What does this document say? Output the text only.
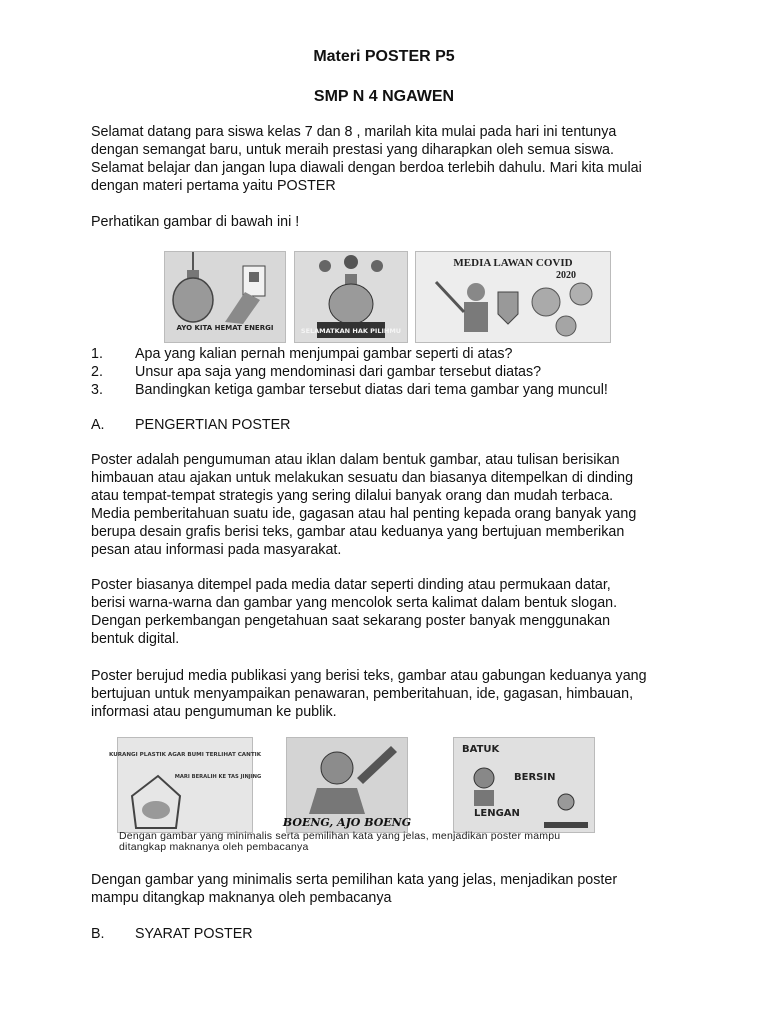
Materi POSTER P5
SMP N 4 NGAWEN
Selamat datang para siswa kelas 7 dan 8 , marilah kita mulai pada hari ini tentunya
dengan semangat baru, untuk meraih prestasi yang diharapkan oleh semua siswa.
Selamat belajar dan jangan lupa diawali dengan berdoa terlebih dahulu. Mari kita mulai
dengan materi pertama yaitu POSTER
Perhatikan gambar di bawah ini !
AYO KITA HEMAT ENERGI	SELAMATKAN HAK PILIHMU
MEDIA LAWAN COVID
2020
1. Apa yang kalian pernah menjumpai gambar seperti di atas?
2. Unsur apa saja yang mendominasi dari gambar tersebut diatas?
3. Bandingkan ketiga gambar tersebut diatas dari tema gambar yang muncul!
A. PENGERTIAN POSTER
Poster adalah pengumuman atau iklan dalam bentuk gambar, atau tulisan berisikan
himbauan atau ajakan untuk melakukan sesuatu dan biasanya ditempelkan di dinding
atau tempat-tempat strategis yang sering dilalui banyak orang dan mudah terbaca.
Media pemberitahuan suatu ide, gagasan atau hal penting kepada orang banyak yang
berupa desain grafis berisi teks, gambar atau keduanya yang bertujuan memberikan
pesan atau informasi pada masyarakat.
Poster biasanya ditempel pada media datar seperti dinding atau permukaan datar,
berisi warna-warna dan gambar yang mencolok serta kalimat dalam bentuk slogan.
Dengan perkembangan pengetahuan saat sekarang poster banyak menggunakan
bentuk digital.
Poster berujud media publikasi yang berisi teks, gambar atau gabungan keduanya yang
bertujuan untuk menyampaikan penawaran, pemberitahuan, ide, gagasan, himbauan,
informasi atau pengumuman ke publik.
KURANGI PLASTIK AGAR BUMI TERLIHAT CANTIK
MARI BERALIH KE TAS JINJING
BOENG, AJO BOENG
BATUK
BERSIN
LENGAN
Dengan gambar yang minimalis serta pemilihan kata yang jelas, menjadikan poster mampu
ditangkap maknanya oleh pembacanya
Dengan gambar yang minimalis serta pemilihan kata yang jelas, menjadikan poster
mampu ditangkap maknanya oleh pembacanya
B. SYARAT POSTER
